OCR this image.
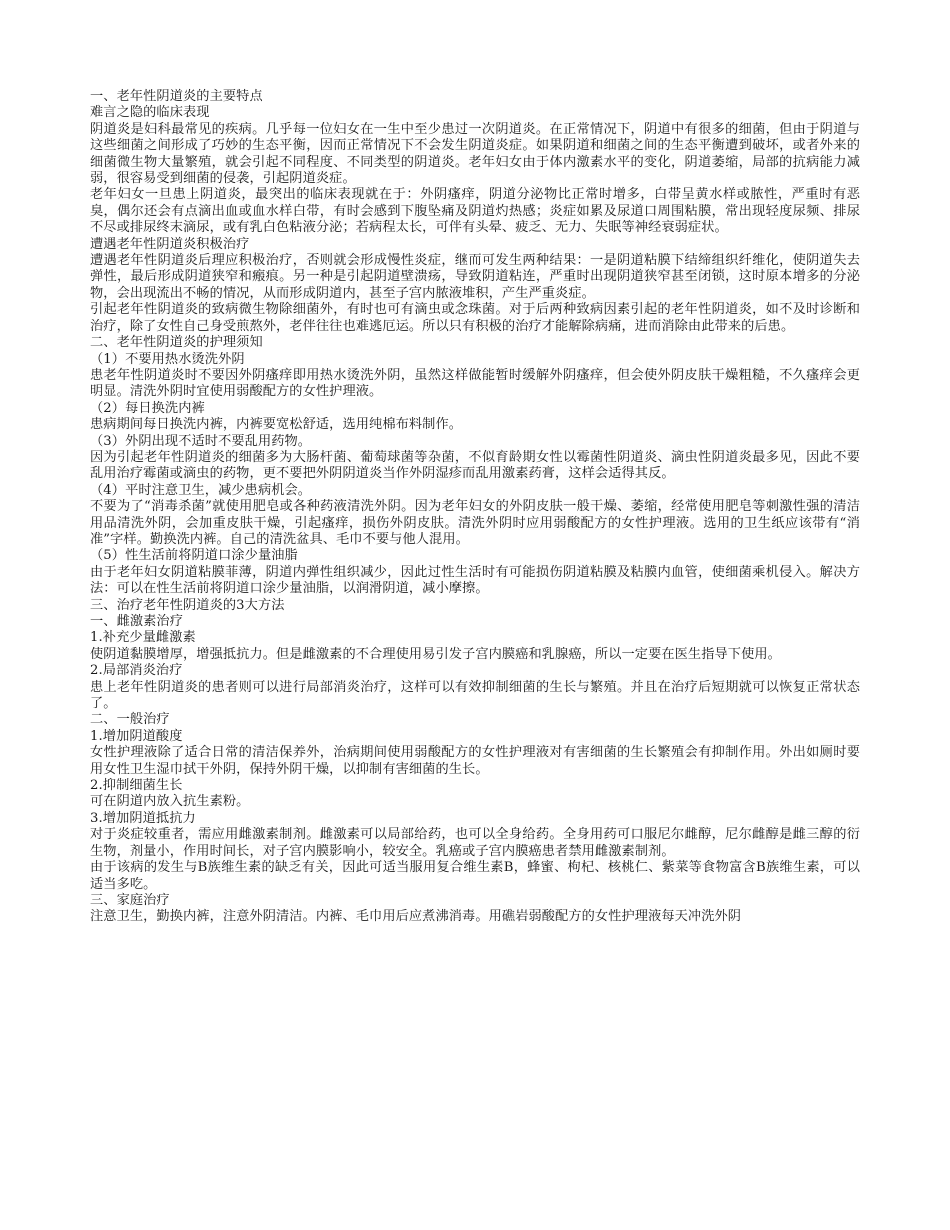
一、老年性阴道炎的主要特点

难言之隐的临床表现

阴道炎是妇科最常见的疾病。几乎每一位妇女在一生中至少患过一次阴道炎。在正常情况下，阴道中有很多的细菌，但由于阴道与这些细菌之间形成了巧妙的生态平衡，因而正常情况下不会发生阴道炎症。如果阴道和细菌之间的生态平衡遭到破坏，或者外来的细菌微生物大量繁殖，就会引起不同程度、不同类型的阴道炎。老年妇女由于体内激素水平的变化，阴道萎缩，局部的抗病能力减弱，很容易受到细菌的侵袭，引起阴道炎症。

老年妇女一旦患上阴道炎，最突出的临床表现就在于：外阴瘙痒，阴道分泌物比正常时增多，白带呈黄水样或脓性，严重时有恶臭，偶尔还会有点滴出血或血水样白带，有时会感到下腹坠痛及阴道灼热感；炎症如累及尿道口周围粘膜，常出现轻度尿频、排尿不尽或排尿终末滴尿，或有乳白色粘液分泌；若病程太长，可伴有头晕、疲乏、无力、失眠等神经衰弱症状。

遭遇老年性阴道炎积极治疗

遭遇老年性阴道炎后理应积极治疗，否则就会形成慢性炎症，继而可发生两种结果：一是阴道粘膜下结缔组织纤维化，使阴道失去弹性，最后形成阴道狭窄和瘢痕。另一种是引起阴道壁溃疡，导致阴道粘连，严重时出现阴道狭窄甚至闭锁，这时原本增多的分泌物，会出现流出不畅的情况，从而形成阴道内，甚至子宫内脓液堆积，产生严重炎症。

引起老年性阴道炎的致病微生物除细菌外，有时也可有滴虫或念珠菌。对于后两种致病因素引起的老年性阴道炎，如不及时诊断和治疗，除了女性自己身受煎熬外，老伴往往也难逃厄运。所以只有积极的治疗才能解除病痛，进而消除由此带来的后患。

二、老年性阴道炎的护理须知

（1）不要用热水烫洗外阴

患老年性阴道炎时不要因外阴瘙痒即用热水烫洗外阴，虽然这样做能暂时缓解外阴瘙痒，但会使外阴皮肤干燥粗糙，不久瘙痒会更明显。清洗外阴时宜使用弱酸配方的女性护理液。

（2）每日换洗内裤

患病期间每日换洗内裤，内裤要宽松舒适，选用纯棉布料制作。

（3）外阴出现不适时不要乱用药物。

因为引起老年性阴道炎的细菌多为大肠杆菌、葡萄球菌等杂菌，不似育龄期女性以霉菌性阴道炎、滴虫性阴道炎最多见，因此不要乱用治疗霉菌或滴虫的药物，更不要把外阴阴道炎当作外阴湿疹而乱用激素药膏，这样会适得其反。

（4）平时注意卫生，减少患病机会。

不要为了“消毒杀菌”就使用肥皂或各种药液清洗外阴。因为老年妇女的外阴皮肤一般干燥、萎缩，经常使用肥皂等刺激性强的清洁用品清洗外阴，会加重皮肤干燥，引起瘙痒，损伤外阴皮肤。清洗外阴时应用弱酸配方的女性护理液。选用的卫生纸应该带有“消准”字样。勤换洗内裤。自己的清洗盆具、毛巾不要与他人混用。

（5）性生活前将阴道口涂少量油脂

由于老年妇女阴道粘膜菲薄，阴道内弹性组织减少，因此过性生活时有可能损伤阴道粘膜及粘膜内血管，使细菌乘机侵入。解决方法：可以在性生活前将阴道口涂少量油脂，以润滑阴道，减小摩擦。

三、治疗老年性阴道炎的3大方法

一、雌激素治疗

1.补充少量雌激素

使阴道黏膜增厚，增强抵抗力。但是雌激素的不合理使用易引发子宫内膜癌和乳腺癌，所以一定要在医生指导下使用。

2.局部消炎治疗

患上老年性阴道炎的患者则可以进行局部消炎治疗，这样可以有效抑制细菌的生长与繁殖。并且在治疗后短期就可以恢复正常状态了。

二、一般治疗

1.增加阴道酸度

女性护理液除了适合日常的清洁保养外，治病期间使用弱酸配方的女性护理液对有害细菌的生长繁殖会有抑制作用。外出如厕时要用女性卫生湿巾拭干外阴，保持外阴干燥，以抑制有害细菌的生长。

2.抑制细菌生长

可在阴道内放入抗生素粉。

3.增加阴道抵抗力

对于炎症较重者，需应用雌激素制剂。雌激素可以局部给药，也可以全身给药。全身用药可口服尼尔雌醇，尼尔雌醇是雌三醇的衍生物，剂量小，作用时间长，对子宫内膜影响小，较安全。乳癌或子宫内膜癌患者禁用雌激素制剂。

由于该病的发生与B族维生素的缺乏有关，因此可适当服用复合维生素B，蜂蜜、枸杞、核桃仁、紫菜等食物富含B族维生素，可以适当多吃。

三、家庭治疗

注意卫生，勤换内裤，注意外阴清洁。内裤、毛巾用后应煮沸消毒。用礁岩弱酸配方的女性护理液每天冲洗外阴
